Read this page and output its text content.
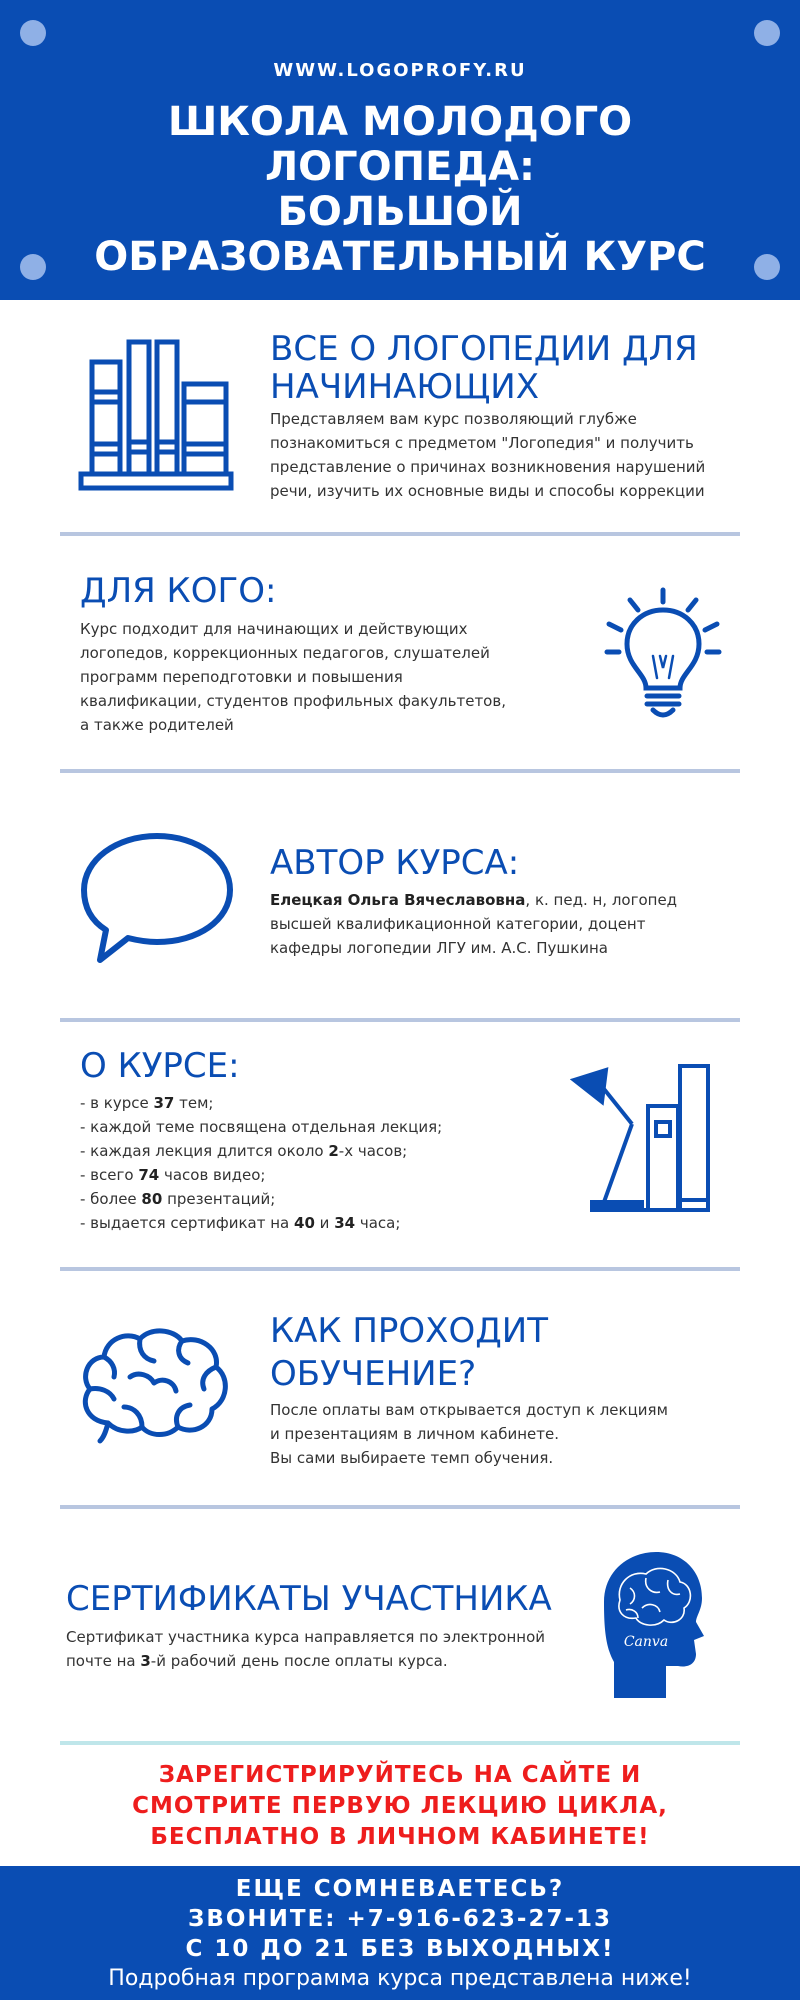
WWW.LOGOPROFY.RU
ШКОЛА МОЛОДОГО ЛОГОПЕДА:
БОЛЬШОЙ
ОБРАЗОВАТЕЛЬНЫЙ КУРС
ВСЕ О ЛОГОПЕДИИ ДЛЯ
НАЧИНАЮЩИХ

Представляем вам курс позволяющий глубже

познакомиться с предметом "Логопедия" и получить

представление о причинах возникновения нарушений

речи, изучить их основные виды и способы коррекции

ДЛЯ КОГО:

Курс подходит для начинающих и действующих

логопедов, коррекционных педагогов, слушателей

программ переподготовки и повышения

квалификации, студентов профильных факультетов,

а также родителей

АВТОР КУРСА:

Елецкая Ольга Вячеславовна, к. пед. н, логопед

высшей квалификационной категории, доцент

кафедры логопедии ЛГУ им. А.С. Пушкина

О КУРСЕ:

- в курсе 37 тем;

- каждой теме посвящена отдельная лекция;

- каждая лекция длится около 2-х часов;

- всего 74 часов видео;

- более 80 презентаций;

- выдается сертификат на 40 и 34 часа;

КАК ПРОХОДИТ
ОБУЧЕНИЕ?

После оплаты вам открывается доступ к лекциям

и презентациям в личном кабинете.

Вы сами выбираете темп обучения.

СЕРТИФИКАТЫ УЧАСТНИКА

Сертификат участника курса направляется по электронной

почте на 3-й рабочий день после оплаты курса.

Canva
ЗАРЕГИСТРИРУЙТЕСЬ НА САЙТЕ И
СМОТРИТЕ ПЕРВУЮ ЛЕКЦИЮ ЦИКЛА,
БЕСПЛАТНО В ЛИЧНОМ КАБИНЕТЕ!
ЕЩЕ СОМНЕВАЕТЕСЬ?
ЗВОНИТЕ: +7-916-623-27-13
С 10 ДО 21 БЕЗ ВЫХОДНЫХ!
Подробная программа курса представлена ниже!
